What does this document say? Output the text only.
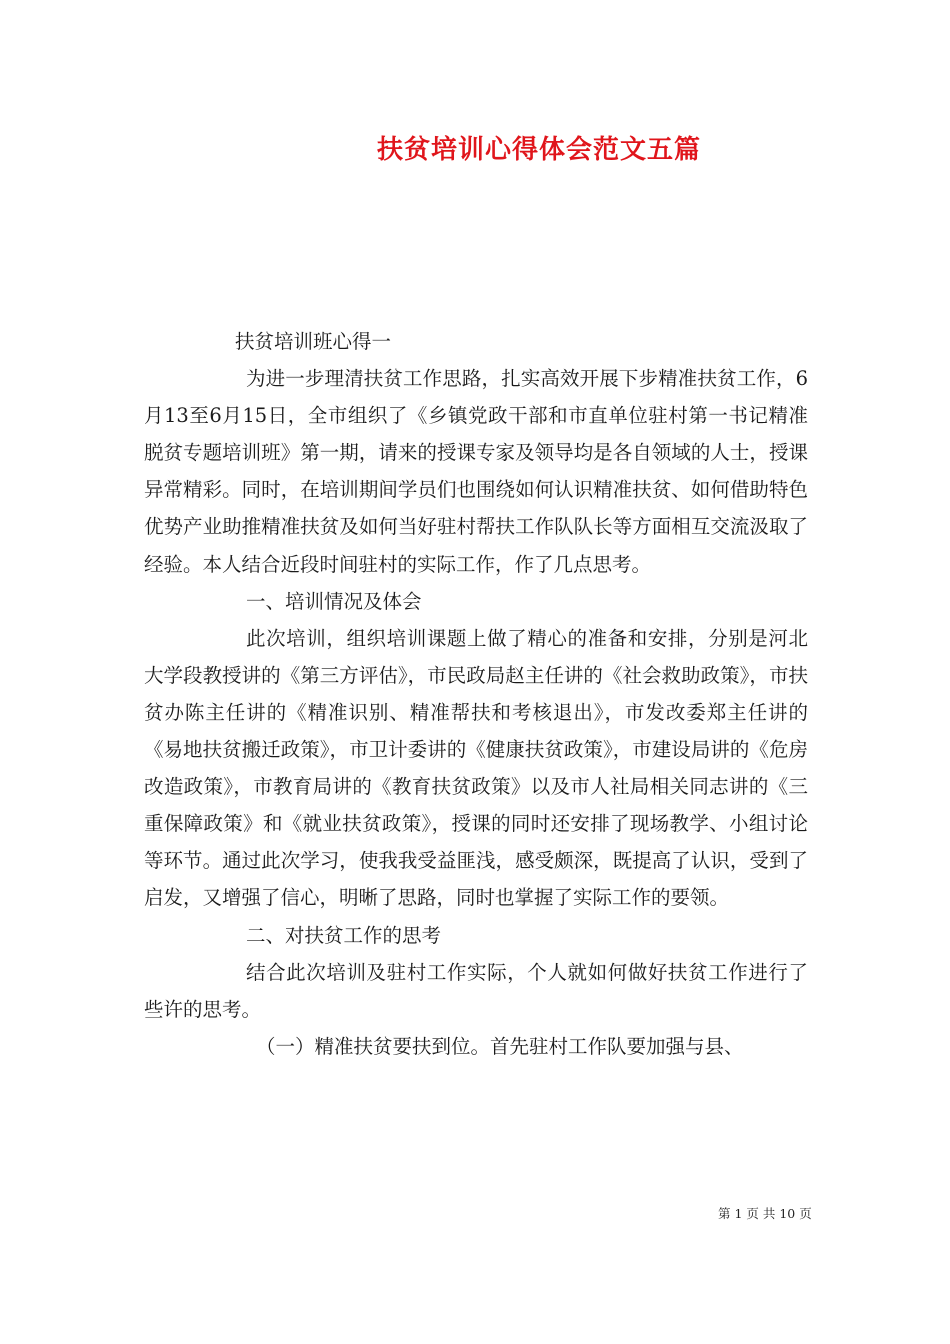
扶贫培训心得体会范文五篇

扶贫培训班心得一

为进一步理清扶贫工作思路，扎实高效开展下步精准扶贫工作，6月13至6月15日，全市组织了《乡镇党政干部和市直单位驻村第一书记精准脱贫专题培训班》第一期，请来的授课专家及领导均是各自领域的人士，授课异常精彩。同时，在培训期间学员们也围绕如何认识精准扶贫、如何借助特色优势产业助推精准扶贫及如何当好驻村帮扶工作队队长等方面相互交流汲取了经验。本人结合近段时间驻村的实际工作，作了几点思考。

一、培训情况及体会

此次培训，组织培训课题上做了精心的准备和安排，分别是河北大学段教授讲的《第三方评估》，市民政局赵主任讲的《社会救助政策》，市扶贫办陈主任讲的《精准识别、精准帮扶和考核退出》，市发改委郑主任讲的《易地扶贫搬迁政策》，市卫计委讲的《健康扶贫政策》，市建设局讲的《危房改造政策》，市教育局讲的《教育扶贫政策》以及市人社局相关同志讲的《三重保障政策》和《就业扶贫政策》，授课的同时还安排了现场教学、小组讨论等环节。通过此次学习，使我我受益匪浅，感受颇深，既提高了认识，受到了启发，又增强了信心，明晰了思路，同时也掌握了实际工作的要领。

二、对扶贫工作的思考

结合此次培训及驻村工作实际，个人就如何做好扶贫工作进行了些许的思考。

（一）精准扶贫要扶到位。首先驻村工作队要加强与县、

第 1 页 共 10 页
